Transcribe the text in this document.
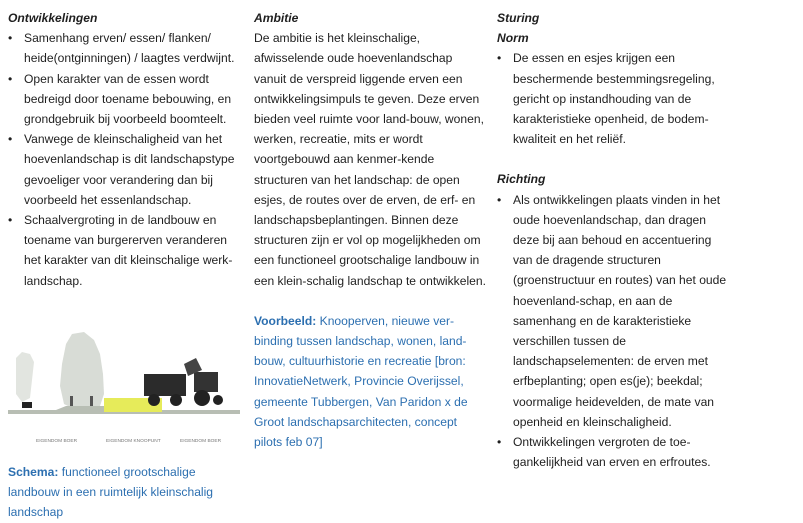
Ontwikkelingen

• Samenhang erven/ essen/ flanken/ heide(ontginningen) / laagtes verdwijnt.
• Open karakter van de essen wordt bedreigd door toename bebouwing, en grondgebruik bij voorbeeld boomteelt.
• Vanwege de kleinschaligheid van het hoevenlandschap is dit landschapstype gevoeliger voor verandering dan bij voorbeeld het essenlandschap.
• Schaalvergroting in de landbouw en toename van burgererven veranderen het karakter van dit kleinschalige werk-landschap.
EIGENDOM BOER	EIGENDOM KNOOPUNT	EIGENDOM BOER
Schema: functioneel grootschalige landbouw in een ruimtelijk kleinschalig landschap

Ambitie

De ambitie is het kleinschalige, afwisselende oude hoevenlandschap vanuit de verspreid liggende erven een ontwikkelingsimpuls te geven. Deze erven bieden veel ruimte voor land-bouw, wonen, werken, recreatie, mits er wordt voortgebouwd aan kenmer-kende structuren van het landschap: de open esjes, de routes over de erven, de erf- en landschapsbeplantingen. Binnen deze structuren zijn er vol op mogelijkheden om een functioneel grootschalige landbouw in een klein-schalig landschap te ontwikkelen.

Voorbeeld: Knooperven, nieuwe ver-binding tussen landschap, wonen, land-bouw, cultuurhistorie en recreatie [bron: InnovatieNetwerk, Provincie Overijssel, gemeente Tubbergen, Van Paridon x de Groot landschapsarchitecten, concept pilots feb 07]

Sturing

Norm

• De essen en esjes krijgen een beschermende bestemmingsregeling, gericht op instandhouding van de karakteristieke openheid, de bodem-kwaliteit en het reliëf.

Richting

• Als ontwikkelingen plaats vinden in het oude hoevenlandschap, dan dragen deze bij aan behoud en accentuering van de dragende structuren (groenstructuur en routes) van het oude hoevenland-schap, en aan de samenhang en de karakteristieke verschillen tussen de landschapselementen: de erven met erfbeplanting; open es(je); beekdal; voormalige heidevelden, de mate van openheid en kleinschaligheid.
• Ontwikkelingen vergroten de toe-gankelijkheid van erven en erfroutes.
